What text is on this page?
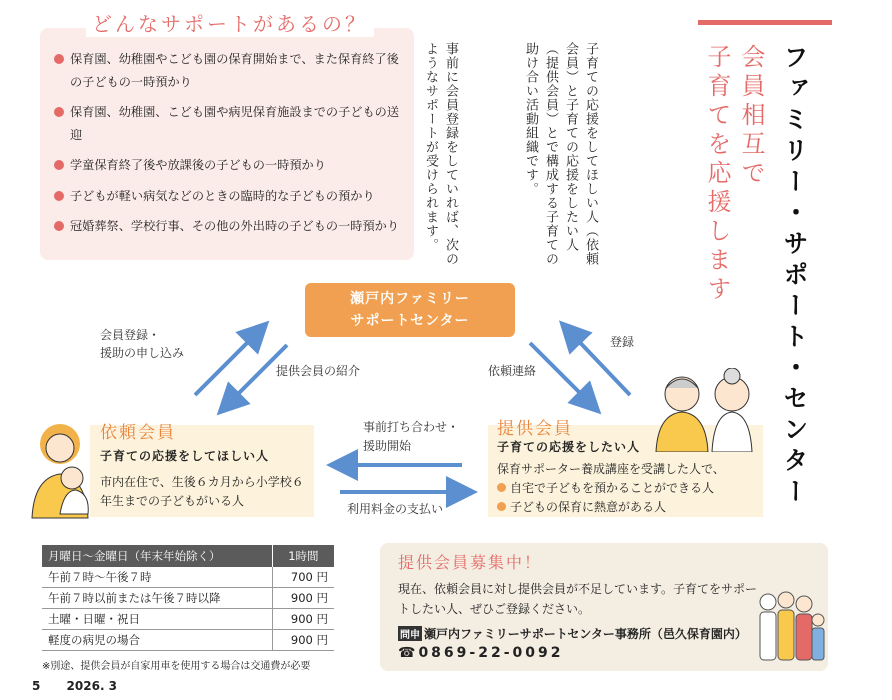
どんなサポートがあるの？
保育園、幼稚園やこども園の保育開始まで、また保育終了後の子どもの一時預かり
保育園、幼稚園、こども園や病児保育施設までの子どもの送迎
学童保育終了後や放課後の子どもの一時預かり
子どもが軽い病気などのときの臨時的な子どもの預かり
冠婚葬祭、学校行事、その他の外出時の子どもの一時預かり	子育ての応援をしてほしい人（依頼会員）と子育ての応援をしたい人（提供会員）とで構成する子育ての助け合い活動組織です。
事前に会員登録をしていれば、次のようなサポートが受けられます。	ファミリー・サポート・センター
会員相互で
子育てを応援します
瀬戸内ファミリー
サポートセンター
会員登録・
援助の申し込み
提供会員の紹介	依頼連絡
登録
事前打ち合わせ・
援助開始
利用料金の支払い
依頼会員
子育ての応援をしてほしい人
市内在住で、生後６カ月から小学校６年生までの子どもがいる人
提供会員
子育ての応援をしたい人
保育サポーター養成講座を受講した人で、
自宅で子どもを預かることができる人
子どもの保育に熱意がある人
月曜日～金曜日（年末年始除く）	1時間
午前７時～午後７時	700 円
午前７時以前または午後７時以降	900 円
土曜・日曜・祝日	900 円
軽度の病児の場合	900 円
※別途、提供会員が自家用車を使用する場合は交通費が必要
5 2026. 3
提供会員募集中！
現在、依頼会員に対し提供会員が不足しています。子育てをサポートしたい人、ぜひご登録ください。
問申 瀬戸内ファミリーサポートセンター事務所（邑久保育園内）
☎0869-22-0092
